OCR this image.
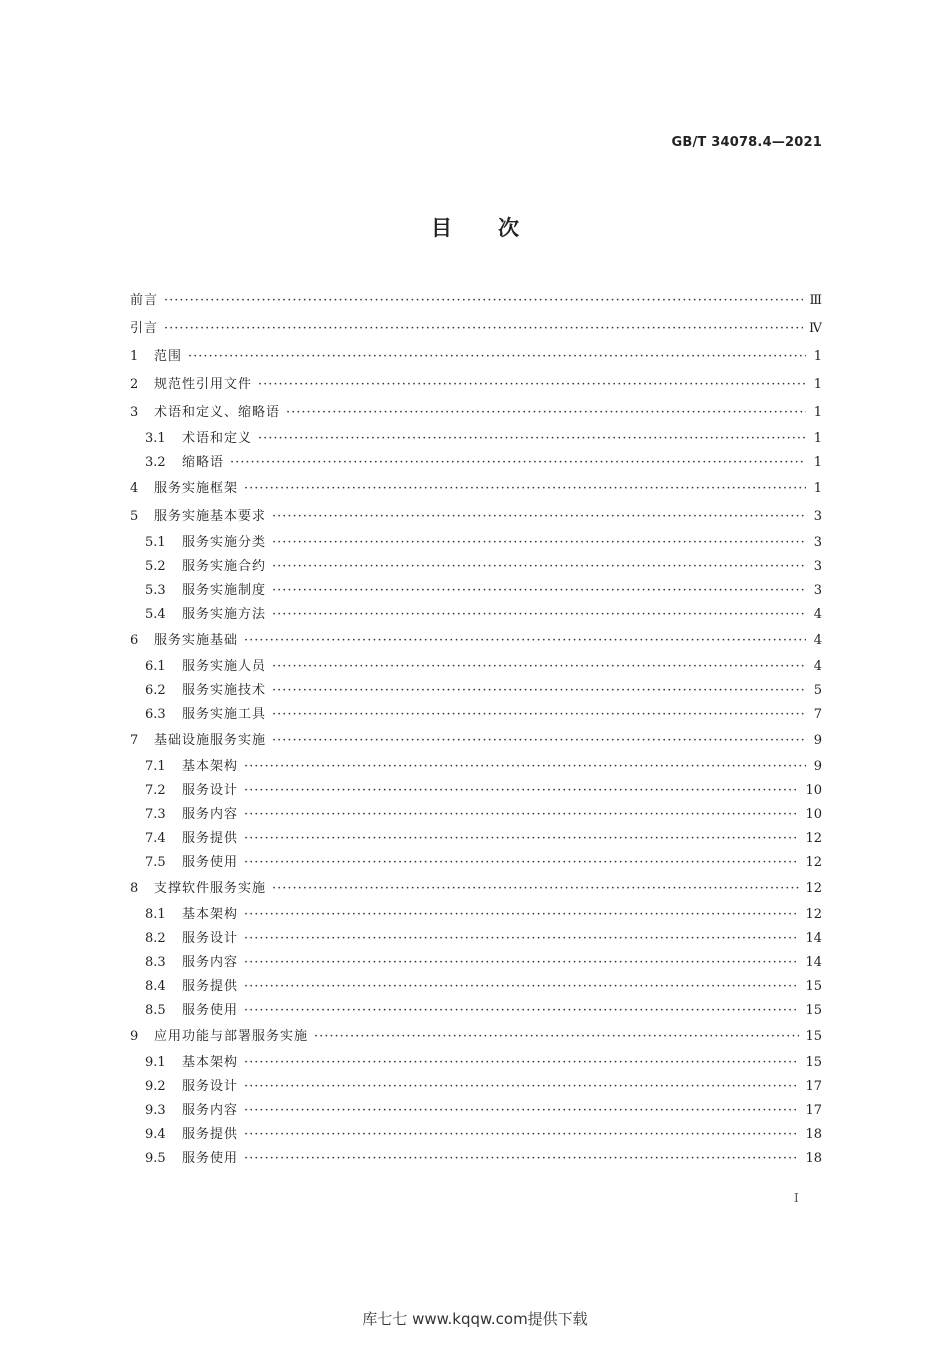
GB/T 34078.4—2021
目 次
前言 ·····	Ⅲ
引言 ·····	Ⅳ
1	范围 ·····	1
2	规范性引用文件 ·····	1
3	术语和定义、缩略语 ·····	1
3.1	术语和定义 ·····	1
3.2	缩略语 ·····	1
4	服务实施框架 ·····	1
5	服务实施基本要求 ·····	3
5.1	服务实施分类 ·····	3
5.2	服务实施合约 ·····	3
5.3	服务实施制度 ·····	3
5.4	服务实施方法 ·····	4
6	服务实施基础 ·····	4
6.1	服务实施人员 ·····	4
6.2	服务实施技术 ·····	5
6.3	服务实施工具 ·····	7
7	基础设施服务实施 ·····	9
7.1	基本架构 ·····	9
7.2	服务设计 ·····	10
7.3	服务内容 ·····	10
7.4	服务提供 ·····	12
7.5	服务使用 ·····	12
8	支撑软件服务实施 ·····	12
8.1	基本架构 ·····	12
8.2	服务设计 ·····	14
8.3	服务内容 ·····	14
8.4	服务提供 ·····	15
8.5	服务使用 ·····	15
9	应用功能与部署服务实施 ·····	15
9.1	基本架构 ·····	15
9.2	服务设计 ·····	17
9.3	服务内容 ·····	17
9.4	服务提供 ·····	18
9.5	服务使用 ·····	18
I
库七七 www.kqqw.com提供下载
